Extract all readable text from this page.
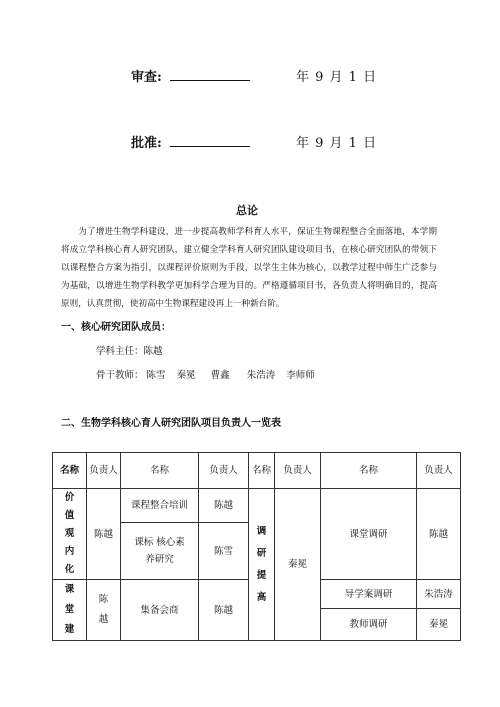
审查:	年 9 月 1 日
批准:	年 9 月 1 日
总论
为了增进生物学科建设，进一步提高教师学科育人水平，保证生物课程整合全面落地，本学期将成立学科核心育人研究团队，建立健全学科育人研究团队建设项目书，在核心研究团队的带领下以课程整合方案为指引，以课程评价原则为手段，以学生主体为核心，以教学过程中师生广泛参与为基础，以增进生物学科教学更加科学合理为目的。严格遵循项目书，各负责人将明确目的，提高原则，认真贯彻，使初高中生物课程建设再上一种新台阶。
一、核心研究团队成员：
学科主任：陈越
骨干教师： 陈雪 秦冕 曹鑫 朱浩涛 李师师
二、生物学科核心育人研究团队项目负责人一览表
名称	负责人	名称	负责人	名称	负责人	名称	负责人

价值观内化	陈越	课程整合培训	陈越	调研提高	秦冕	课堂调研	陈越

		课标 核心素养研究	陈雪				

课堂建	陈越	集备会商	陈越			导学案调研	朱浩涛
						教师调研	秦冕
